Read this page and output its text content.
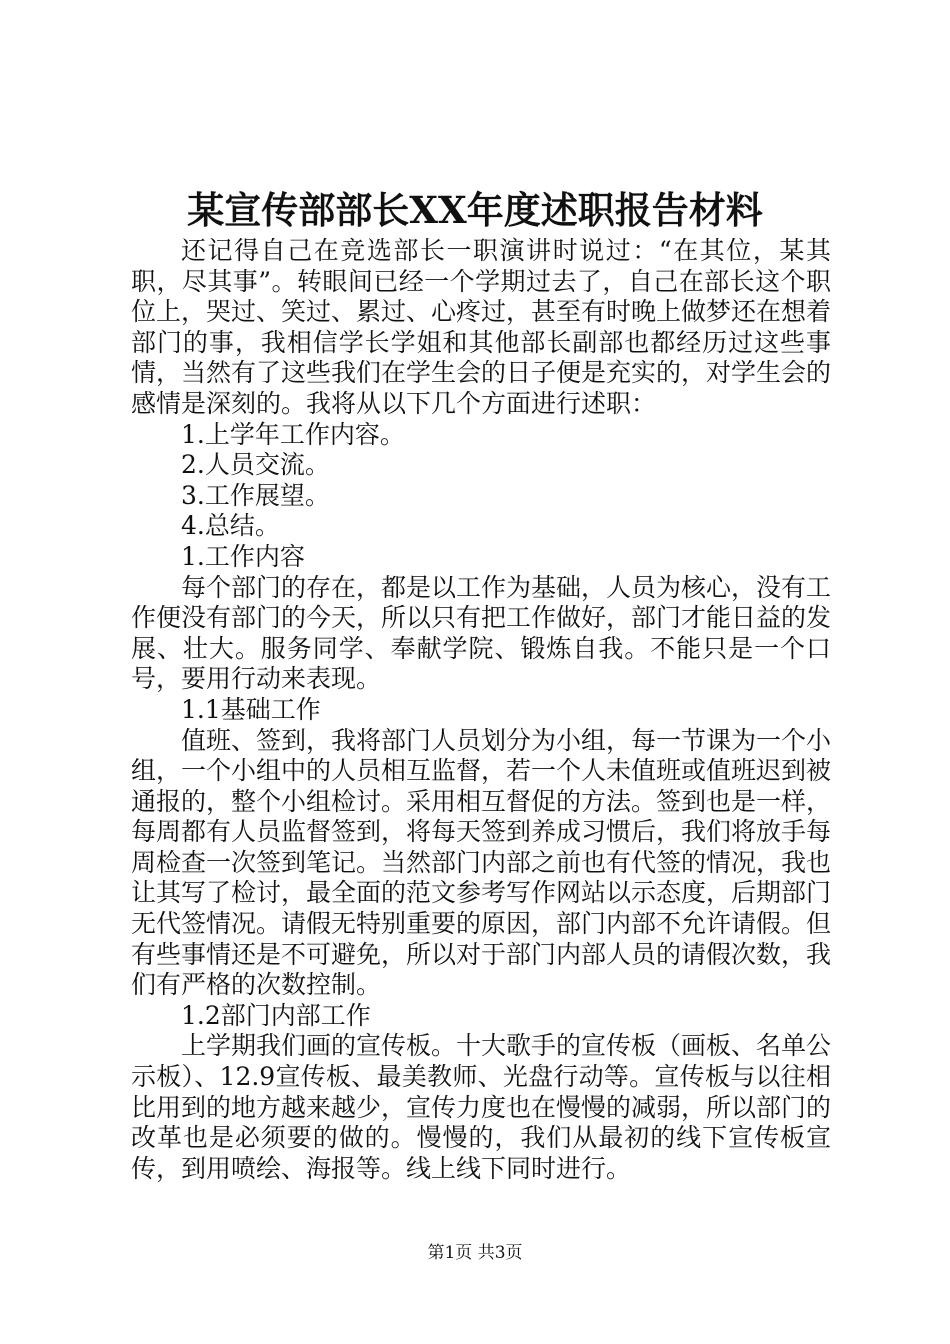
某宣传部部长XX年度述职报告材料

还记得自己在竞选部长一职演讲时说过：“在其位，某其职，尽其事”。转眼间已经一个学期过去了，自己在部长这个职位上，哭过、笑过、累过、心疼过，甚至有时晚上做梦还在想着部门的事，我相信学长学姐和其他部长副部也都经历过这些事情，当然有了这些我们在学生会的日子便是充实的，对学生会的感情是深刻的。我将从以下几个方面进行述职：

1.上学年工作内容。

2.人员交流。

3.工作展望。

4.总结。

1.工作内容

每个部门的存在，都是以工作为基础，人员为核心，没有工作便没有部门的今天，所以只有把工作做好，部门才能日益的发展、壮大。服务同学、奉献学院、锻炼自我。不能只是一个口号，要用行动来表现。

1.1基础工作

值班、签到，我将部门人员划分为小组，每一节课为一个小组，一个小组中的人员相互监督，若一个人未值班或值班迟到被通报的，整个小组检讨。采用相互督促的方法。签到也是一样，每周都有人员监督签到，将每天签到养成习惯后，我们将放手每周检查一次签到笔记。当然部门内部之前也有代签的情况，我也让其写了检讨，最全面的范文参考写作网站以示态度，后期部门无代签情况。请假无特别重要的原因，部门内部不允许请假。但有些事情还是不可避免，所以对于部门内部人员的请假次数，我们有严格的次数控制。

1.2部门内部工作

上学期我们画的宣传板。十大歌手的宣传板（画板、名单公示板）、12.9宣传板、最美教师、光盘行动等。宣传板与以往相比用到的地方越来越少，宣传力度也在慢慢的减弱，所以部门的改革也是必须要的做的。慢慢的，我们从最初的线下宣传板宣传，到用喷绘、海报等。线上线下同时进行。

第1页 共3页
